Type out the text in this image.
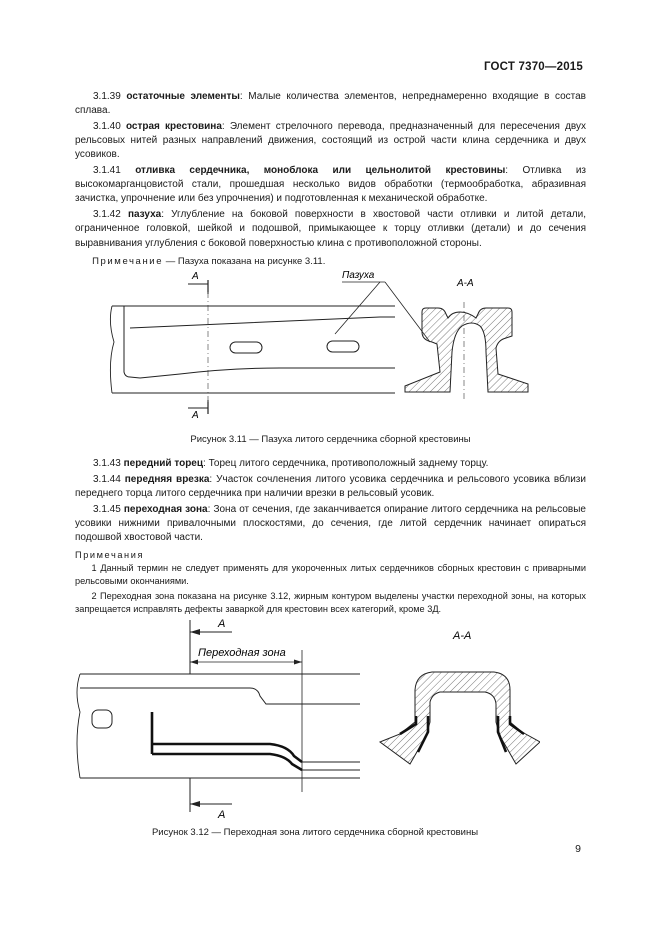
ГОСТ 7370—2015

3.1.39 остаточные элементы: Малые количества элементов, непреднамеренно входящие в состав сплава.

3.1.40 острая крестовина: Элемент стрелочного перевода, предназначенный для пересечения двух рельсовых нитей разных направлений движения, состоящий из острой части клина сердечника и двух усовиков.

3.1.41 отливка сердечника, моноблока или цельнолитой крестовины: Отливка из высокомарганцовистой стали, прошедшая несколько видов обработки (термообработка, абразивная зачистка, упрочнение или без упрочнения) и подготовленная к механической обработке.

3.1.42 пазуха: Углубление на боковой поверхности в хвостовой части отливки и литой детали, ограниченное головкой, шейкой и подошвой, примыкающее к торцу отливки (детали) и до сечения выравнивания углубления с боковой поверхностью клина с противоположной стороны.

Примечание — Пазуха показана на рисунке 3.11.

А
А
Пазуха
А-А
Рисунок 3.11 — Пазуха литого сердечника сборной крестовины

3.1.43 передний торец: Торец литого сердечника, противоположный заднему торцу.

3.1.44 передняя врезка: Участок сочленения литого усовика сердечника и рельсового усовика вблизи переднего торца литого сердечника при наличии врезки в рельсовый усовик.

3.1.45 переходная зона: Зона от сечения, где заканчивается опирание литого сердечника на рельсовые усовики нижними привалочными плоскостями, до сечения, где литой сердечник начинает опираться подошвой хвостовой части.

Примечания

1 Данный термин не следует применять для укороченных литых сердечников сборных крестовин с приварными рельсовыми окончаниями.

2 Переходная зона показана на рисунке 3.12, жирным контуром выделены участки переходной зоны, на которых запрещается исправлять дефекты заваркой для крестовин всех категорий, кроме 3Д.

А
А
Переходная зона
А-А
Рисунок 3.12 — Переходная зона литого сердечника сборной крестовины
9
